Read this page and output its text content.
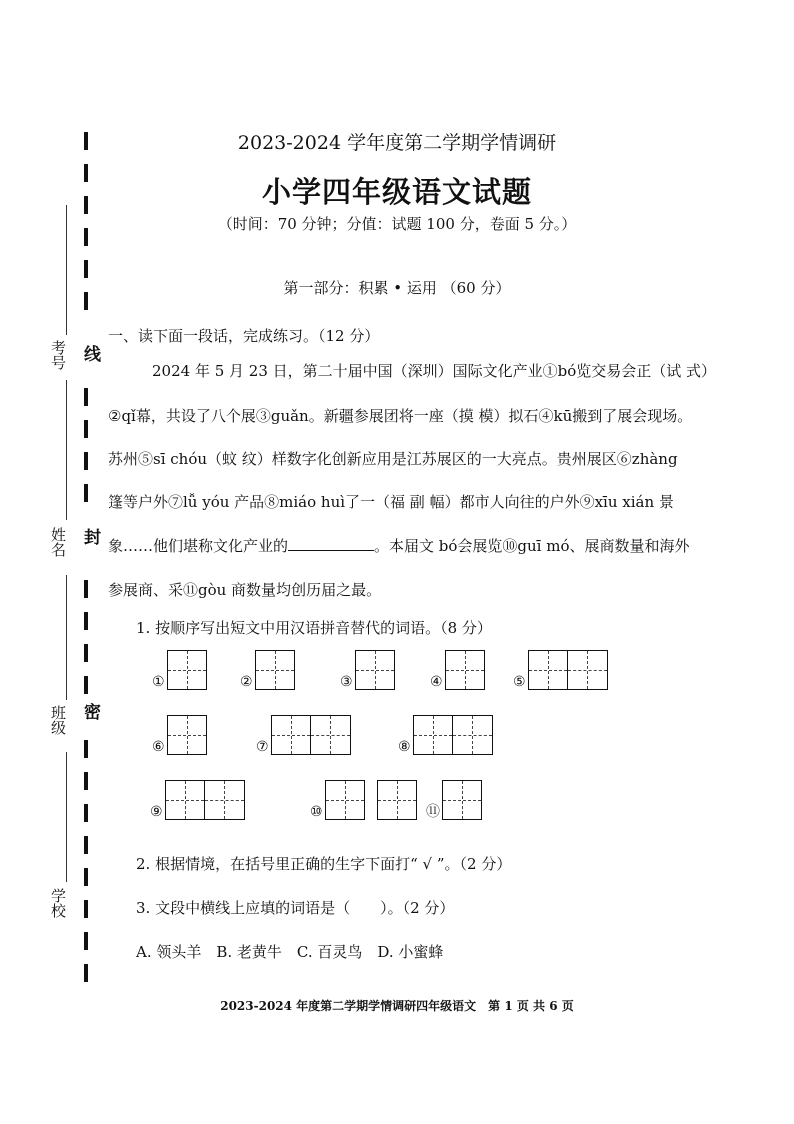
考号
姓名
班级
学校
线
封
密
2023-2024 学年度第二学期学情调研
小学四年级语文试题
（时间：70 分钟；分值：试题 100 分，卷面 5 分。）
第一部分：积累 • 运用 （60 分）
一、读下面一段话，完成练习。（12 分）
2024 年 5 月 23 日，第二十届中国（深圳）国际文化产业①bó览交易会正（试 式）
②qǐ幕，共设了八个展③guǎn。新疆参展团将一座（摸 模）拟石④kū搬到了展会现场。
苏州⑤sī chóu（蚊 纹）样数字化创新应用是江苏展区的一大亮点。贵州展区⑥zhàng
篷等户外⑦lǚ yóu 产品⑧miáo huì了一（福 副 幅）都市人向往的户外⑨xīu xián 景
象……他们堪称文化产业的	。本届文 bó会展览⑩guī mó、展商数量和海外
参展商、采⑪gòu 商数量均创历届之最。
1. 按顺序写出短文中用汉语拼音替代的词语。（8 分）
①	②	③	④	⑤
⑥	⑦	⑧
⑨	⑩	⑪
2. 根据情境，在括号里正确的生字下面打“ √ ”。（2 分）
3. 文段中横线上应填的词语是（　　）。（2 分）
A. 领头羊　B. 老黄牛　C. 百灵鸟　D. 小蜜蜂
2023-2024 年度第二学期学情调研四年级语文　第 1 页 共 6 页
